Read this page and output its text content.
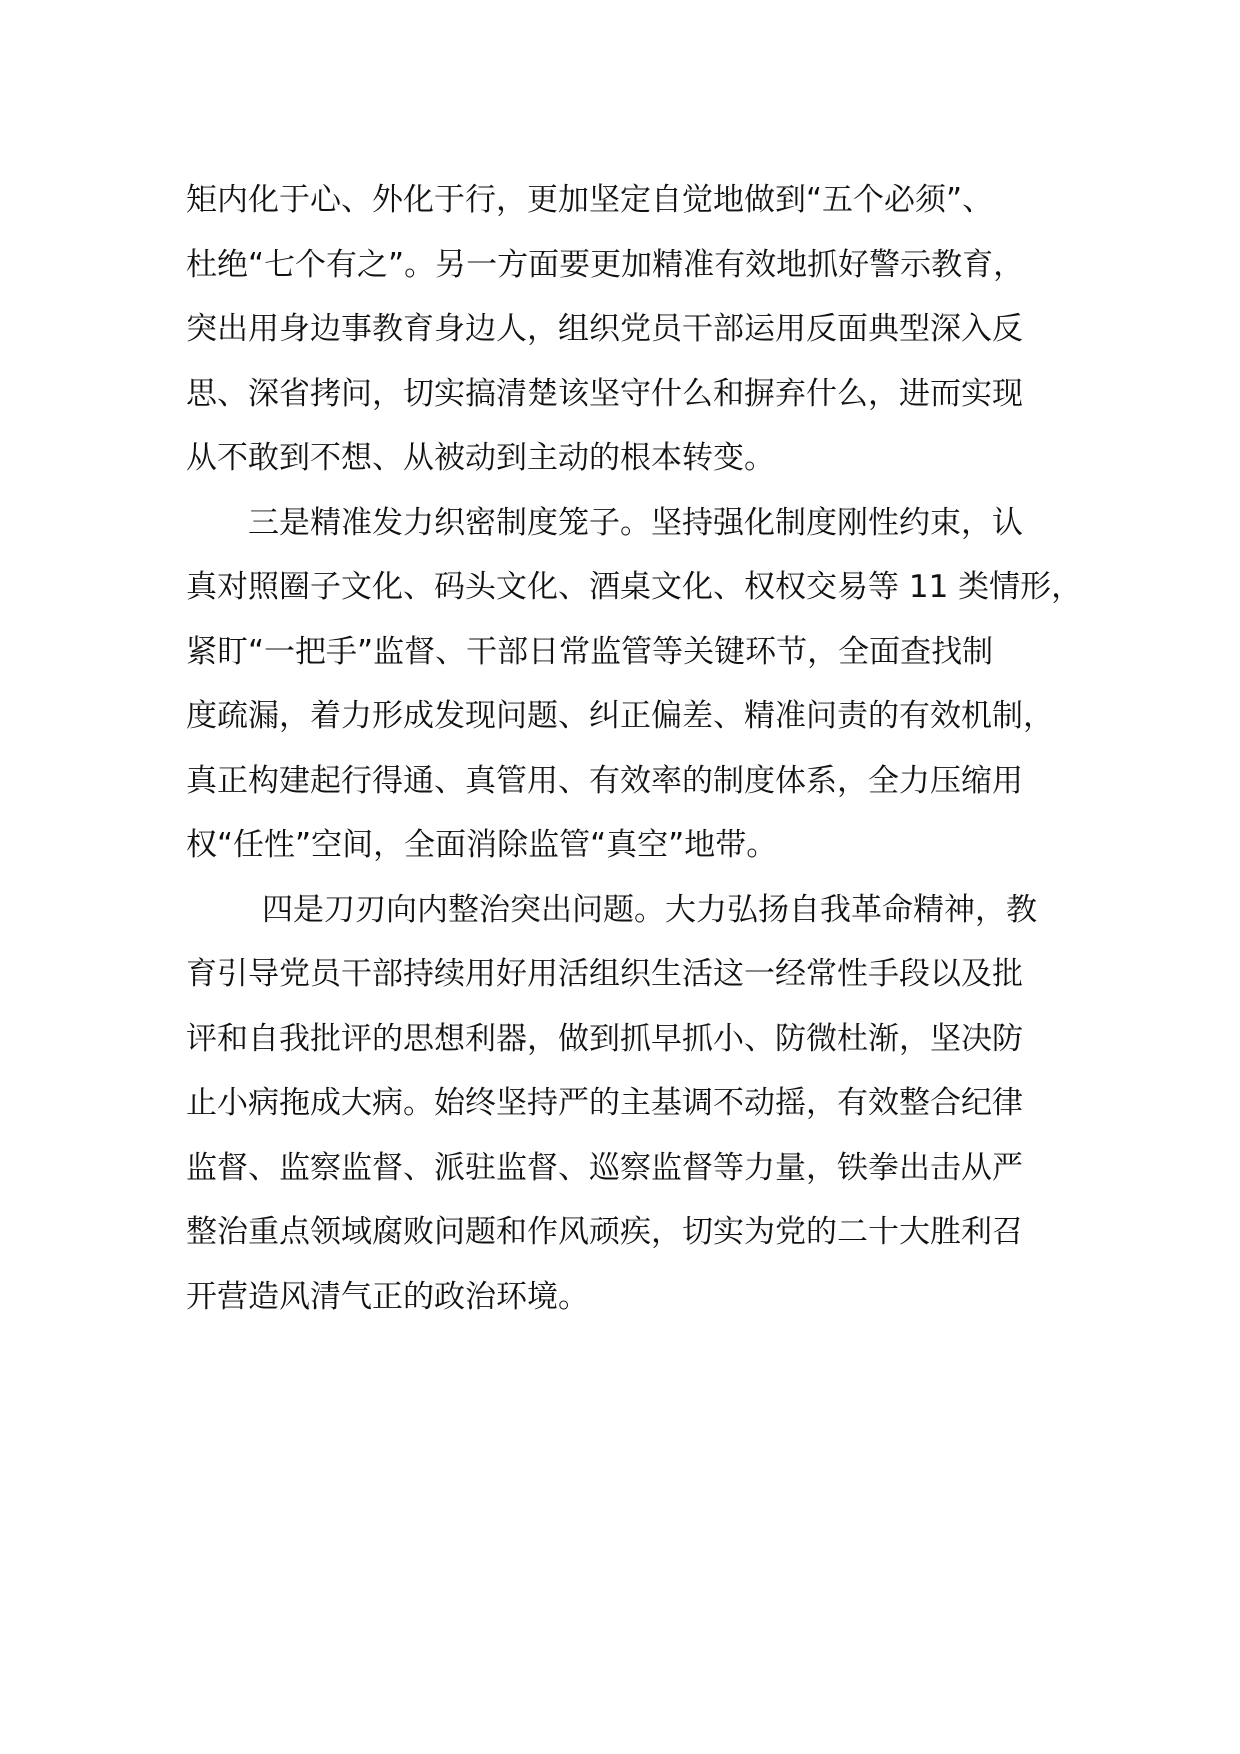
矩内化于心、外化于行，更加坚定自觉地做到“五个必须”、
杜绝“七个有之”。另一方面要更加精准有效地抓好警示教育，
突出用身边事教育身边人，组织党员干部运用反面典型深入反
思、深省拷问，切实搞清楚该坚守什么和摒弃什么，进而实现
从不敢到不想、从被动到主动的根本转变。
三是精准发力织密制度笼子。坚持强化制度刚性约束，认
真对照圈子文化、码头文化、酒桌文化、权权交易等 11 类情形，
紧盯“一把手”监督、干部日常监管等关键环节，全面查找制
度疏漏，着力形成发现问题、纠正偏差、精准问责的有效机制，
真正构建起行得通、真管用、有效率的制度体系，全力压缩用
权“任性”空间，全面消除监管“真空”地带。
四是刀刃向内整治突出问题。大力弘扬自我革命精神，教
育引导党员干部持续用好用活组织生活这一经常性手段以及批
评和自我批评的思想利器，做到抓早抓小、防微杜渐，坚决防
止小病拖成大病。始终坚持严的主基调不动摇，有效整合纪律
监督、监察监督、派驻监督、巡察监督等力量，铁拳出击从严
整治重点领域腐败问题和作风顽疾，切实为党的二十大胜利召
开营造风清气正的政治环境。
